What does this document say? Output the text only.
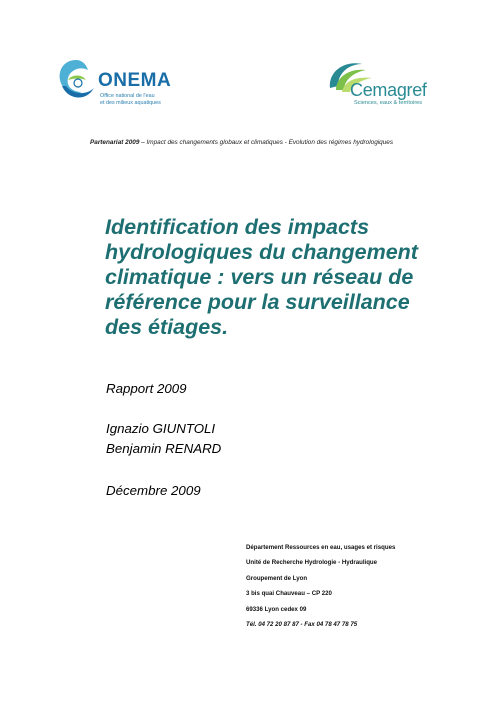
ONEMA
Office national de l'eau
et des milieux aquatiques
Cemagref
Sciences, eaux & territoires
Partenariat 2009 – Impact des changements globaux et climatiques - Evolution des régimes hydrologiques
Identification des impacts hydrologiques du changement climatique : vers un réseau de référence pour la surveillance des étiages.
Rapport 2009
Ignazio GIUNTOLI
Benjamin RENARD
Décembre 2009
Département Ressources en eau, usages et risques
Unité de Recherche Hydrologie - Hydraulique
Groupement de Lyon
3 bis quai Chauveau – CP 220
69336 Lyon cedex 09
Tél. 04 72 20 87 87 - Fax 04 78 47 78 75
